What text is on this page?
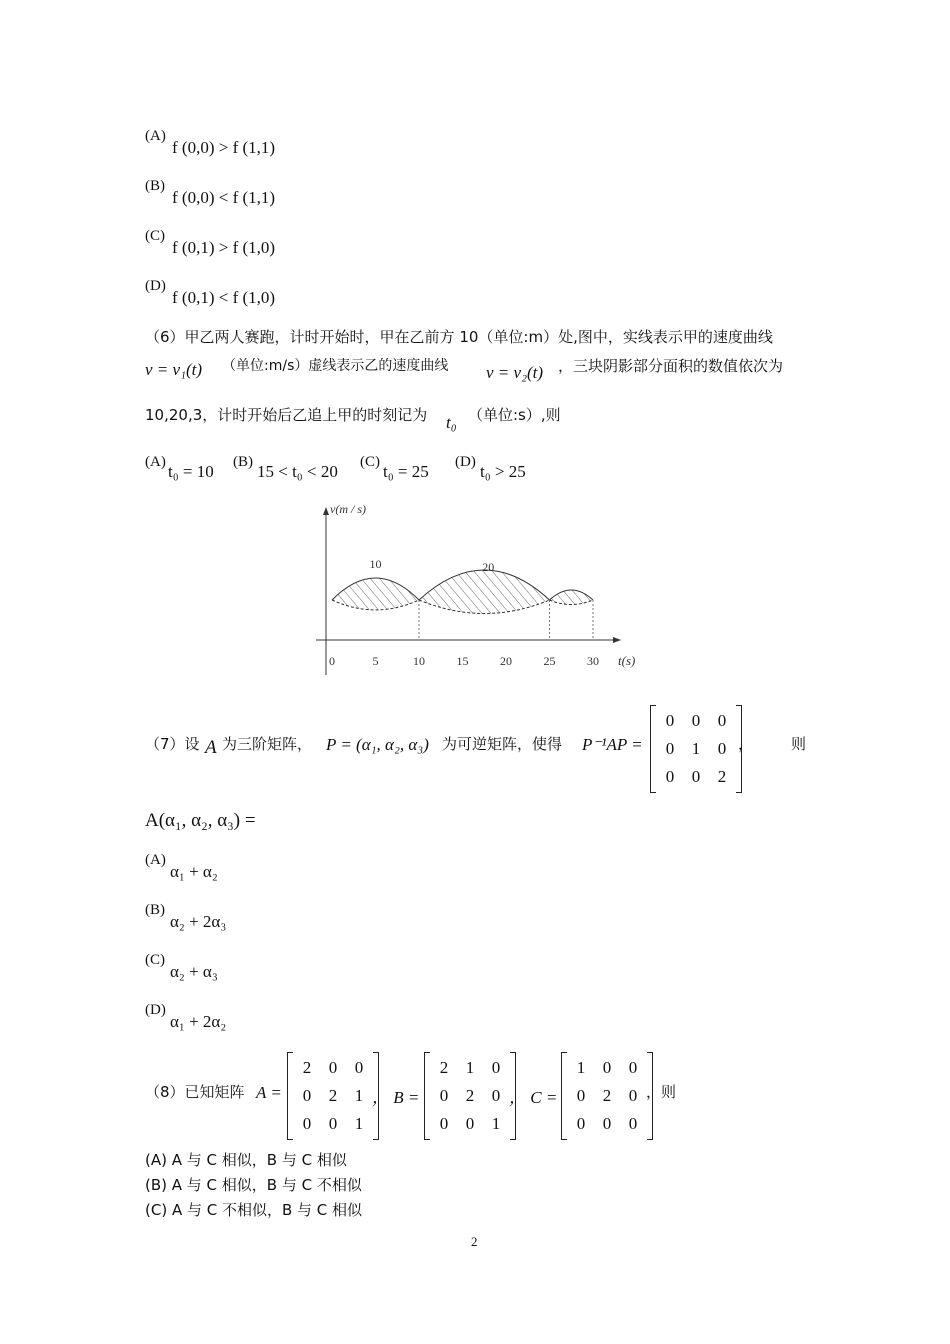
(A)
f (0,0) > f (1,1)
(B)
f (0,0) < f (1,1)
(C)
f (0,1) > f (1,0)
(D)
f (0,1) < f (1,0)
（6）甲乙两人赛跑，计时开始时，甲在乙前方 10（单位:m）处,图中，实线表示甲的速度曲线
v = v₁(t) （单位:m/s）虚线表示乙的速度曲线 v = v₂(t) ，三块阴影部分面积的数值依次为
10,20,3，计时开始后乙追上甲的时刻记为 t₀ （单位:s）,则
(A) t₀ = 10 (B) 15 < t₀ < 20 (C) t₀ = 25 (D) t₀ > 25
0	5	10	15	20	25	30
v(m / s)
t(s)
10	20
（7）设 A 为三阶矩阵， P = (α₁, α₂, α₃) 为可逆矩阵，使得 P⁻¹AP =
0	0	0
0	1	0
0	0	2
，	则
A(α₁, α₂, α₃) =
(A)
α₁ + α₂
(B)
α₂ + 2α₃
(C)
α₂ + α₃
(D)
α₁ + 2α₂
（8）已知矩阵 A =
2	0	0
0	2	1
0	0	1
， B =
2	1	0
0	2	0
0	0	1
， C =
1	0	0
0	2	0
0	0	0
，则
(A) A 与 C 相似，B 与 C 相似
(B) A 与 C 相似，B 与 C 不相似
(C) A 与 C 不相似，B 与 C 相似
2
